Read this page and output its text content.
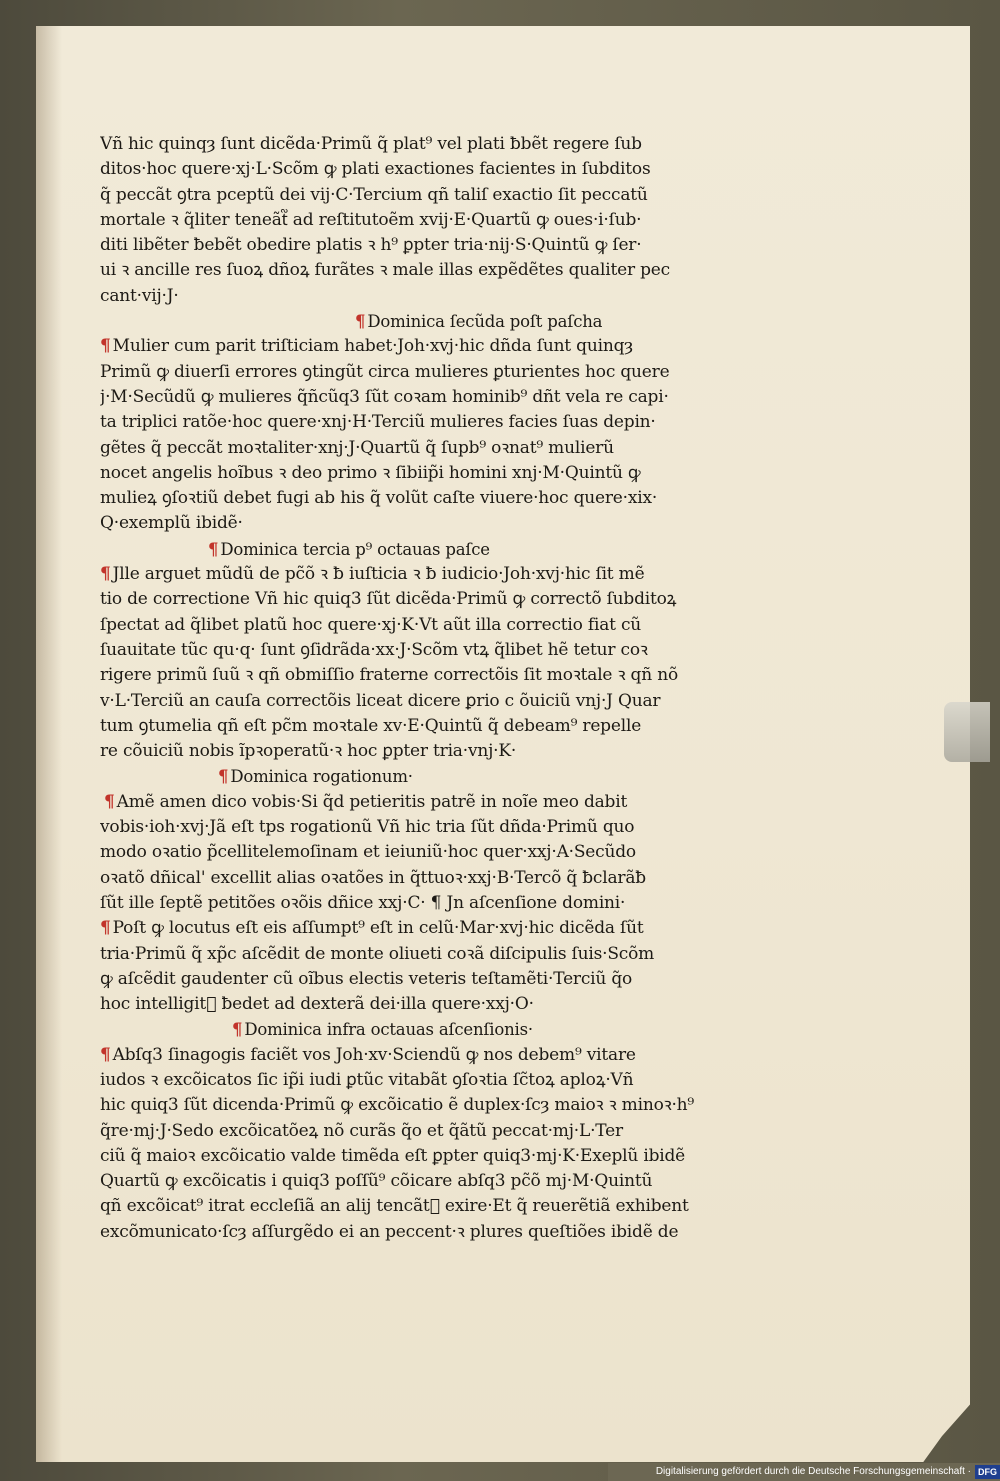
Vñ hic quinqȝ ſunt dicẽda·Primũ q̃ plat⁹ vel plati ƀbẽt regere ſub
ditos·hoc quere·xj·L·Scõm ꝙ plati exactiones facientes in ſubditos
q̃ peccãt ꝯtra pceptũ dei vij·C·Tercium qñ taliſ exactio ſit peccatũ
mortale ꝛ q̃liter teneãt᷑ ad reſtitutoẽm xvij·E·Quartũ ꝙ oues·i·ſub·
diti libẽter ƀebẽt obedire platis ꝛ h⁹ ꝑpter tria·nij·S·Quintũ ꝙ ſer·
ui ꝛ ancille res ſuoꝝ dñoꝝ furãtes ꝛ male illas expẽdẽtes qualiter pec
cant·vij·J·
¶ Dominica ſecũda poſt paſcha
¶ Mulier cum parit triſticiam habet·Joh·xvj·hic dñda ſunt quinqȝ
Primũ ꝙ diuerſi errores ꝯtingũt circa mulieres ꝑturientes hoc quere
j·M·Secũdũ ꝙ mulieres q̃ñcũq3 ſũt coꝛam hominib⁹ dñt vela re capi·
ta triplici ratõe·hoc quere·xnj·H·Terciũ mulieres facies ſuas depin·
gẽtes q̃ peccãt moꝛtaliter·xnj·J·Quartũ q̃ ſupb⁹ oꝛnat⁹ mulierũ
nocet angelis hoĩbus ꝛ deo primo ꝛ ſibiip̃i homini xnj·M·Quintũ ꝙ
mulieꝝ ꝯſoꝛtiũ debet fugi ab his q̃ volũt caſte viuere·hoc quere·xix·
Q·exemplũ ibidẽ·
¶ Dominica tercia p⁹ octauas paſce
¶ Jlle arguet mũdũ de pc̃õ ꝛ ƀ iuſticia ꝛ ƀ iudicio·Joh·xvj·hic ſit mẽ
tio de correctione Vñ hic quiq3 ſũt dicẽda·Primũ ꝙ correctõ ſubditoꝝ
ſpectat ad q̃libet platũ hoc quere·xj·K·Vt aũt illa correctio fiat cũ
ſuauitate tũc qu·q· ſunt ꝯſidrãda·xx·J·Scõm vtꝝ q̃libet hẽ tetur coꝛ
rigere primũ ſuũ ꝛ qñ obmiſſio fraterne correctõis ſit moꝛtale ꝛ qñ nõ
v·L·Terciũ an cauſa correctõis liceat dicere ꝑrio c õuiciũ vnj·J Quar
tum ꝯtumelia qñ eſt pc̃m moꝛtale xv·E·Quintũ q̃ debeam⁹ repelle
re cõuiciũ nobis ĩpꝛoperatũ·ꝛ hoc ꝑpter tria·vnj·K·
¶ Dominica rogationum·
¶ Amẽ amen dico vobis·Si q̃d petieritis patrẽ in noĩe meo dabit
vobis·ioh·xvj·Jã eſt tps rogationũ Vñ hic tria ſũt dñda·Primũ quo
modo oꝛatio p̃cellitelemoſinam et ieiuniũ·hoc quer·xxj·A·Secũdo
oꝛatõ dñical' excellit alias oꝛatões in q̃ttuoꝛ·xxj·B·Tercõ q̃ ƀclarãƀ
ſũt ille ſeptẽ petitões oꝛõis dñice xxj·C· ¶ Jn aſcenſione domini·
¶ Poſt ꝙ locutus eſt eis aſſumpt⁹ eſt in celũ·Mar·xvj·hic dicẽda ſũt
tria·Primũ q̃ xp̃c aſcẽdit de monte oliueti coꝛã diſcipulis ſuis·Scõm
ꝙ aſcẽdit gaudenter cũ oĩbus electis veteris teſtamẽti·Terciũ q̃o
hoc intelligit᷑ ƀedet ad dexterã dei·illa quere·xxj·O·
¶ Dominica infra octauas aſcenſionis·
¶ Abſq3 ſinagogis faciẽt vos Joh·xv·Sciendũ ꝙ nos debem⁹ vitare
iudos ꝛ excõicatos ſic ip̃i iudi ꝑtũc vitabãt ꝯſoꝛtia ſc̃toꝝ aploꝝ·Vñ
hic quiq3 ſũt dicenda·Primũ ꝙ excõicatio ẽ duplex·ſcȝ maioꝛ ꝛ minoꝛ·h⁹
q̃re·mj·J·Sedo excõicatõeꝝ nõ curãs q̃o et q̃ãtũ peccat·mj·L·Ter
ciũ q̃ maioꝛ excõicatio valde timẽda eſt ꝑpter quiq3·mj·K·Exeplũ ibidẽ
Quartũ ꝙ excõicatis i quiq3 poſſũ⁹ cõicare abſq3 pc̃õ mj·M·Quintũ
qñ excõicat⁹ itrat eccleſiã an alij tencãt᷑ exire·Et q̃ reuerẽtiã exhibent
excõmunicato·ſcȝ aſſurgẽdo ei an peccent·ꝛ plures queſtiões ibidẽ de
Digitalisierung gefördert durch die Deutsche Forschungsgemeinschaft · DFG
